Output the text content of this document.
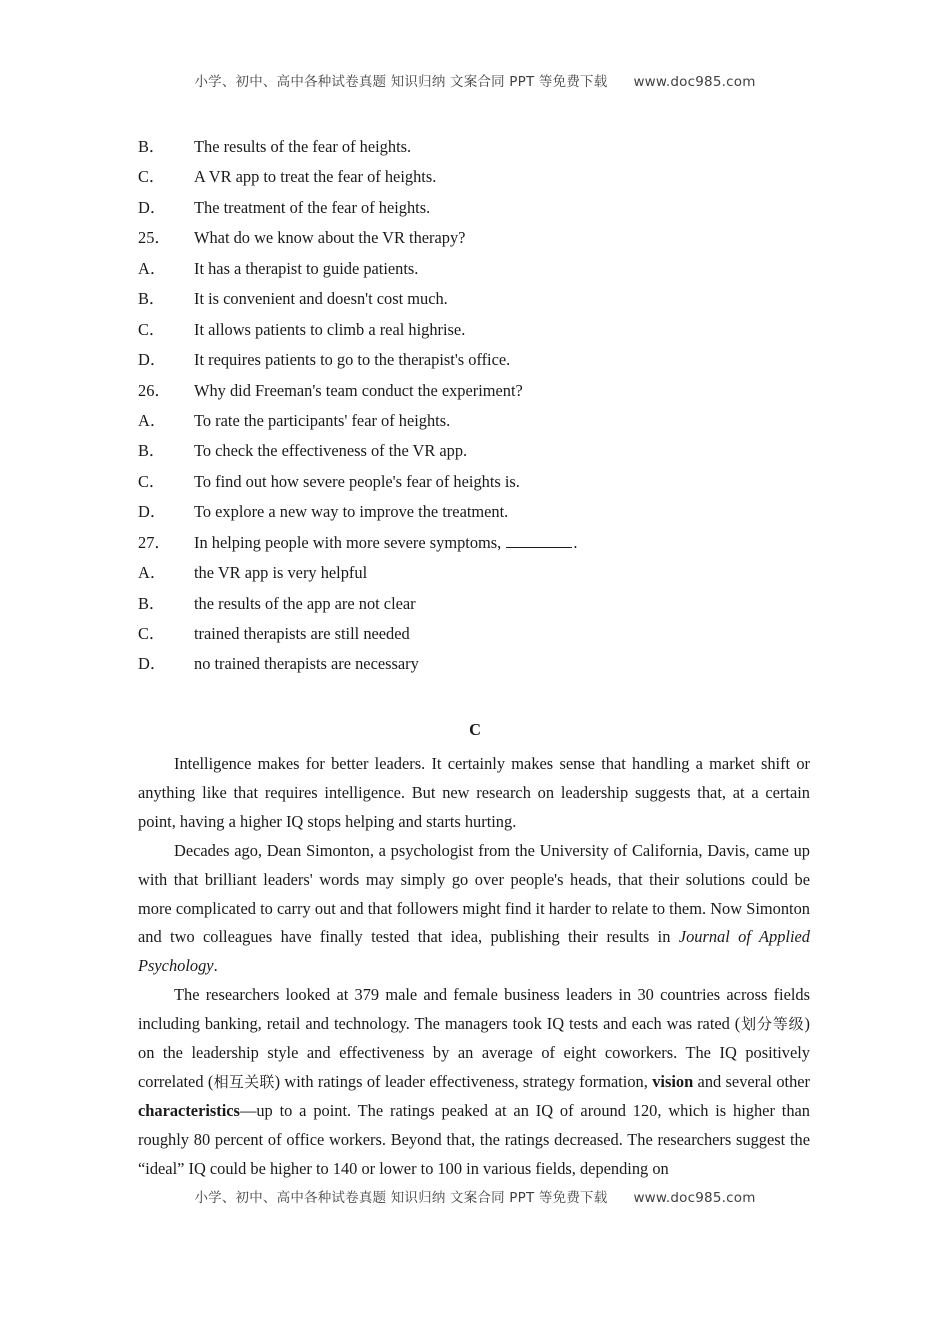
小学、初中、高中各种试卷真题 知识归纳 文案合同 PPT 等免费下载 www.doc985.com
B．	The results of the fear of heights.
C．	A VR app to treat the fear of heights.
D．	The treatment of the fear of heights.
25．	What do we know about the VR therapy?
A．	It has a therapist to guide patients.
B．	It is convenient and doesn't cost much.
C．	It allows patients to climb a real highrise.
D．	It requires patients to go to the therapist's office.
26．	Why did Freeman's team conduct the experiment?
A．	To rate the participants' fear of heights.
B．	To check the effectiveness of the VR app.
C．	To find out how severe people's fear of heights is.
D．	To explore a new way to improve the treatment.
27．	In helping people with more severe symptoms,	.
A．	the VR app is very helpful
B．	the results of the app are not clear
C．	trained therapists are still needed
D．	no trained therapists are necessary
C

Intelligence makes for better leaders. It certainly makes sense that handling a market shift or anything like that requires intelligence. But new research on leadership suggests that, at a certain point, having a higher IQ stops helping and starts hurting.

Decades ago, Dean Simonton, a psychologist from the University of California, Davis, came up with that brilliant leaders' words may simply go over people's heads, that their solutions could be more complicated to carry out and that followers might find it harder to relate to them. Now Simonton and two colleagues have finally tested that idea, publishing their results in Journal of Applied Psychology.

The researchers looked at 379 male and female business leaders in 30 countries across fields including banking, retail and technology. The managers took IQ tests and each was rated (划分等级) on the leadership style and effectiveness by an average of eight coworkers. The IQ positively correlated (相互关联) with ratings of leader effectiveness, strategy formation, vision and several other characteristics—up to a point. The ratings peaked at an IQ of around 120, which is higher than roughly 80 percent of office workers. Beyond that, the ratings decreased. The researchers suggest the “ideal” IQ could be higher to 140 or lower to 100 in various fields, depending on

小学、初中、高中各种试卷真题 知识归纳 文案合同 PPT 等免费下载 www.doc985.com
